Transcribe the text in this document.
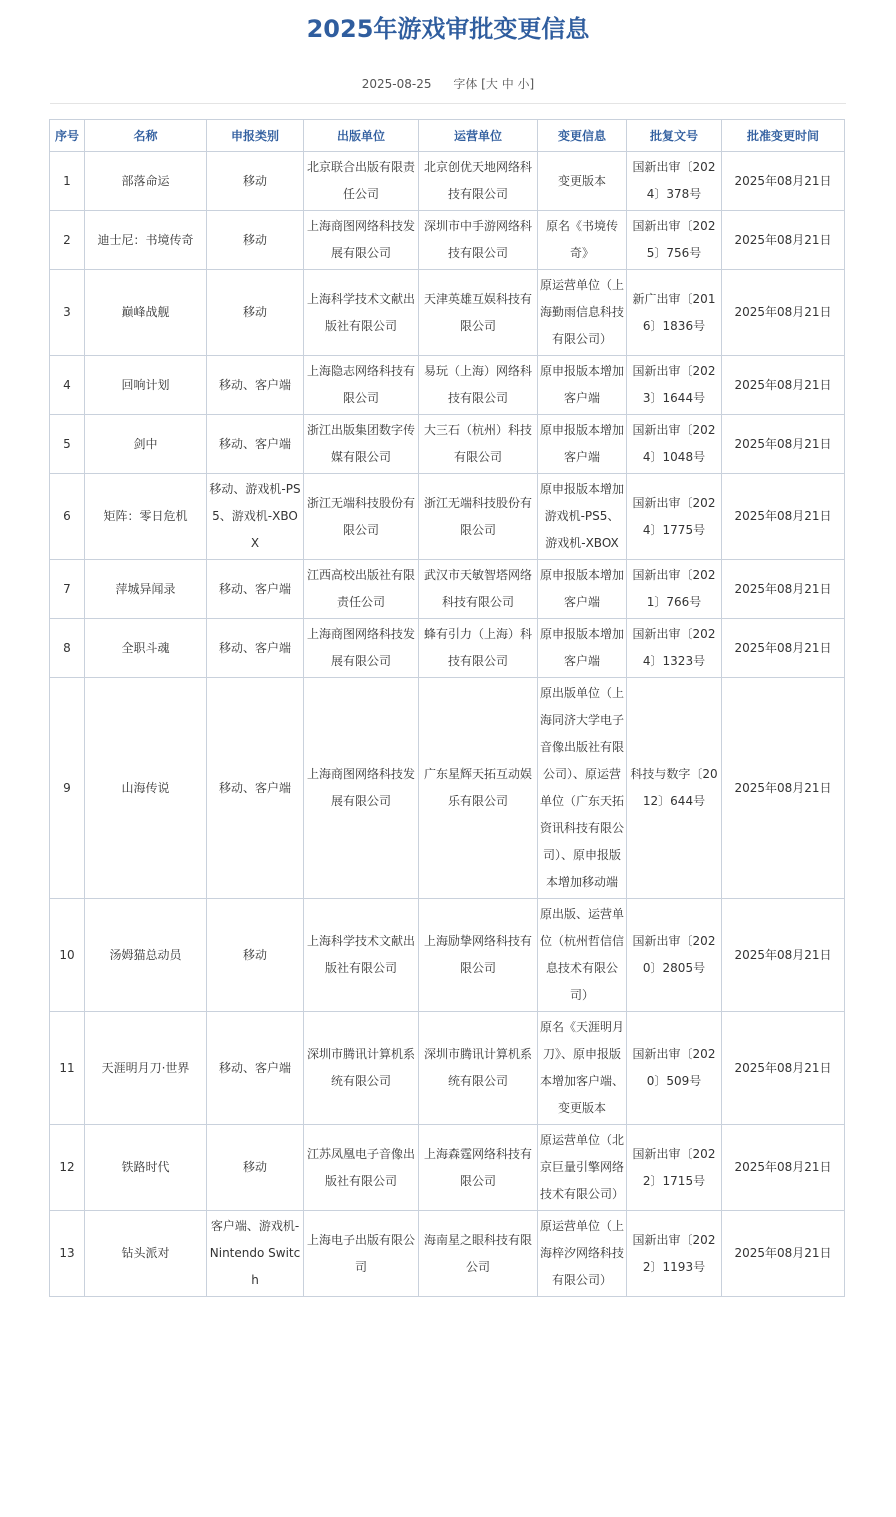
2025年游戏审批变更信息
2025-08-25 字体 [大 中 小]
序号	名称	申报类别	出版单位	运营单位	变更信息	批复文号	批准变更时间
1	部落命运	移动	北京联合出版有限责任公司	北京创优天地网络科技有限公司	变更版本	国新出审〔2024〕378号	2025年08月21日
2	迪士尼：书境传奇	移动	上海商图网络科技发展有限公司	深圳市中手游网络科技有限公司	原名《书境传奇》	国新出审〔2025〕756号	2025年08月21日
3	巅峰战舰	移动	上海科学技术文献出版社有限公司	天津英雄互娱科技有限公司	原运营单位（上海勤雨信息科技有限公司）	新广出审〔2016〕1836号	2025年08月21日
4	回响计划	移动、客户端	上海隐志网络科技有限公司	易玩（上海）网络科技有限公司	原申报版本增加客户端	国新出审〔2023〕1644号	2025年08月21日
5	剑中	移动、客户端	浙江出版集团数字传媒有限公司	大三石（杭州）科技有限公司	原申报版本增加客户端	国新出审〔2024〕1048号	2025年08月21日
6	矩阵：零日危机	移动、游戏机-PS5、游戏机-XBOX	浙江无端科技股份有限公司	浙江无端科技股份有限公司	原申报版本增加游戏机-PS5、游戏机-XBOX	国新出审〔2024〕1775号	2025年08月21日
7	萍城异闻录	移动、客户端	江西高校出版社有限责任公司	武汉市天敏智塔网络科技有限公司	原申报版本增加客户端	国新出审〔2021〕766号	2025年08月21日
8	全职斗魂	移动、客户端	上海商图网络科技发展有限公司	蜂有引力（上海）科技有限公司	原申报版本增加客户端	国新出审〔2024〕1323号	2025年08月21日
9	山海传说	移动、客户端	上海商图网络科技发展有限公司	广东星辉天拓互动娱乐有限公司	原出版单位（上海同济大学电子音像出版社有限公司）、原运营单位（广东天拓资讯科技有限公司）、原申报版本增加移动端	科技与数字〔2012〕644号	2025年08月21日
10	汤姆猫总动员	移动	上海科学技术文献出版社有限公司	上海励挚网络科技有限公司	原出版、运营单位（杭州哲信信息技术有限公司）	国新出审〔2020〕2805号	2025年08月21日
11	天涯明月刀·世界	移动、客户端	深圳市腾讯计算机系统有限公司	深圳市腾讯计算机系统有限公司	原名《天涯明月刀》、原申报版本增加客户端、变更版本	国新出审〔2020〕509号	2025年08月21日
12	铁路时代	移动	江苏凤凰电子音像出版社有限公司	上海森霆网络科技有限公司	原运营单位（北京巨量引擎网络技术有限公司）	国新出审〔2022〕1715号	2025年08月21日
13	钻头派对	客户端、游戏机-Nintendo Switch	上海电子出版有限公司	海南星之眼科技有限公司	原运营单位（上海梓汐网络科技有限公司）	国新出审〔2022〕1193号	2025年08月21日
